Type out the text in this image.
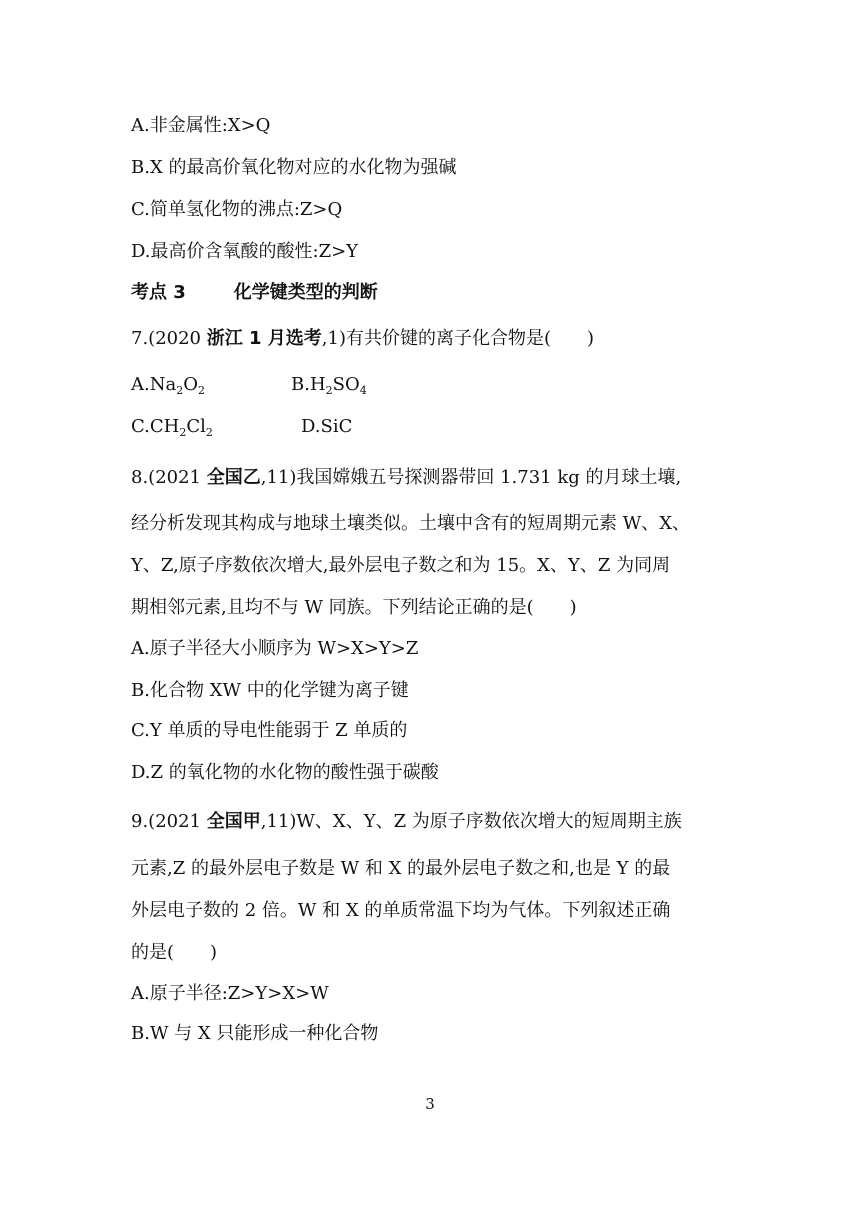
A.非金属性:X>Q
B.X 的最高价氧化物对应的水化物为强碱
C.简单氢化物的沸点:Z>Q
D.最高价含氧酸的酸性:Z>Y
考点 3	化学键类型的判断
7.(2020 浙江 1 月选考,1)有共价键的离子化合物是(　　)
$A.Na_2O_2$	$B.H_2SO_4$
$C.CH_2Cl_2$	D.SiC
8.(2021 全国乙,11)我国嫦娥五号探测器带回 1.731 kg 的月球土壤,
经分析发现其构成与地球土壤类似。土壤中含有的短周期元素 W、X、
Y、Z,原子序数依次增大,最外层电子数之和为 15。X、Y、Z 为同周
期相邻元素,且均不与 W 同族。下列结论正确的是(　　)
A.原子半径大小顺序为 W>X>Y>Z
B.化合物 XW 中的化学键为离子键
C.Y 单质的导电性能弱于 Z 单质的
D.Z 的氧化物的水化物的酸性强于碳酸
9.(2021 全国甲,11)W、X、Y、Z 为原子序数依次增大的短周期主族
元素,Z 的最外层电子数是 W 和 X 的最外层电子数之和,也是 Y 的最
外层电子数的 2 倍。W 和 X 的单质常温下均为气体。下列叙述正确
的是(　　)
A.原子半径:Z>Y>X>W
B.W 与 X 只能形成一种化合物
3
